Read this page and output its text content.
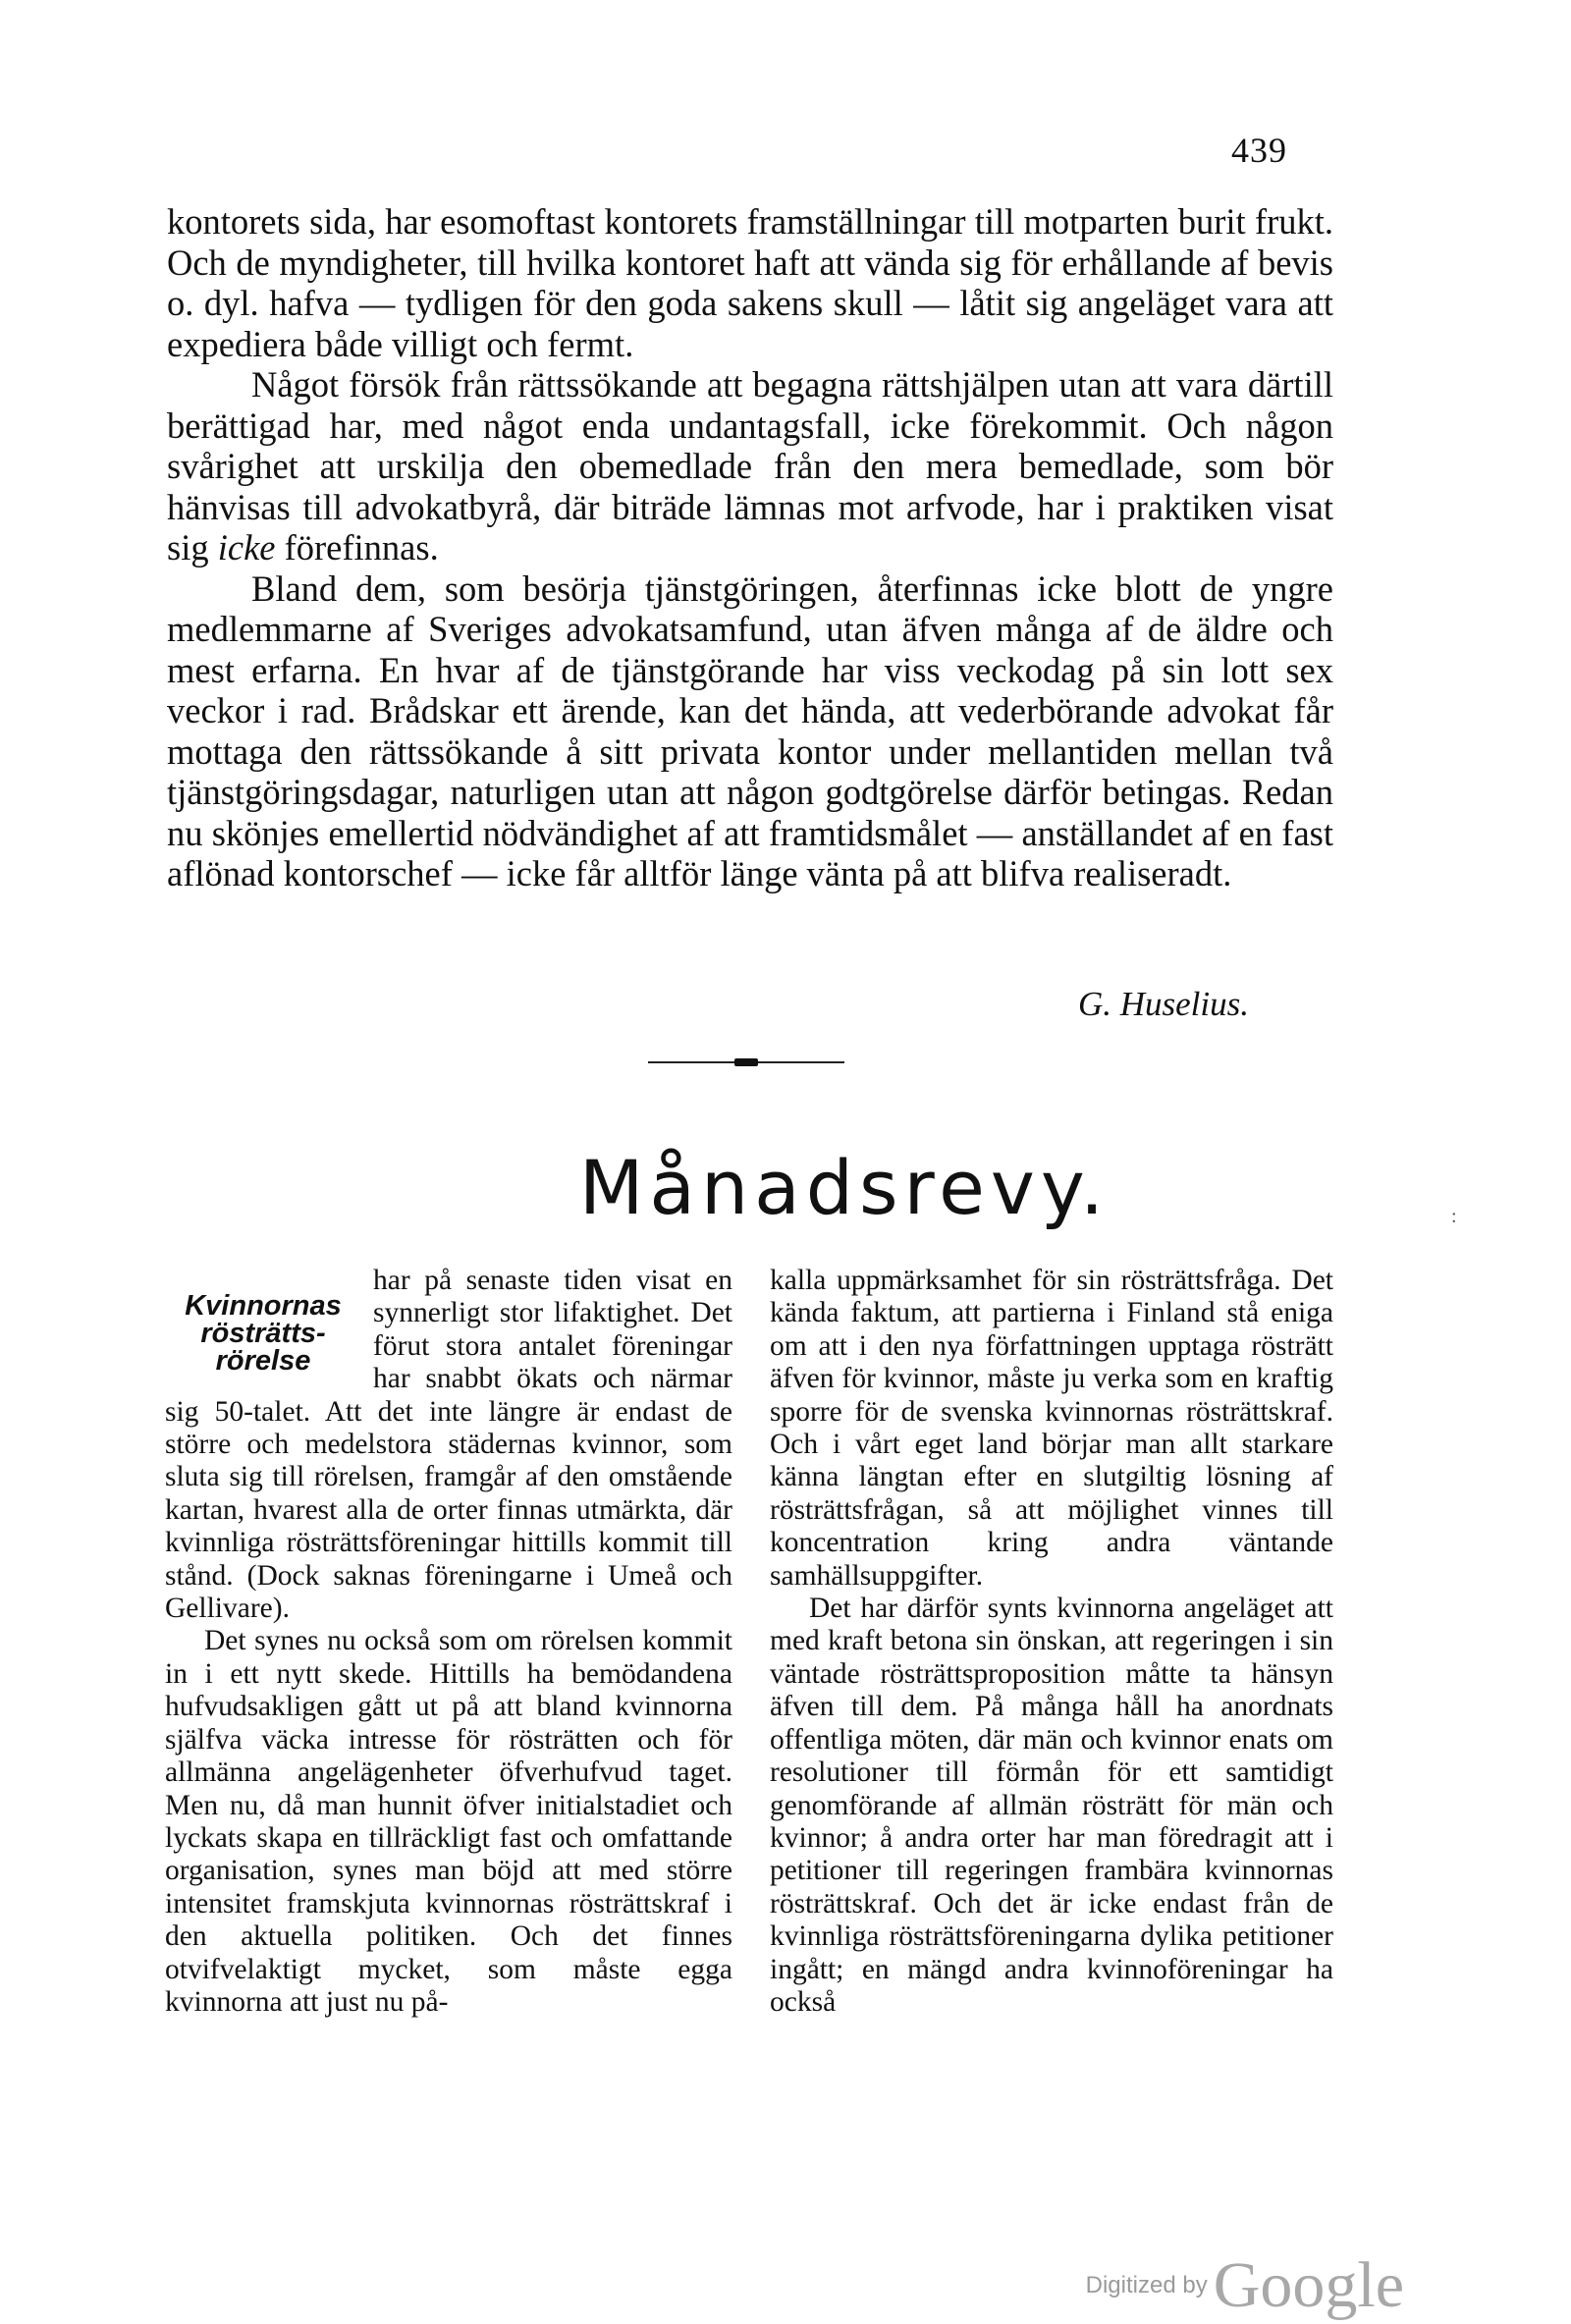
439

kontorets sida, har esomoftast kontorets framställningar till motparten burit frukt. Och de myndigheter, till hvilka kontoret haft att vända sig för erhållande af bevis o. dyl. hafva — tydligen för den goda sakens skull — låtit sig angeläget vara att expediera både villigt och fermt.

Något försök från rättssökande att begagna rättshjälpen utan att vara därtill berättigad har, med något enda undantagsfall, icke förekommit. Och någon svårighet att urskilja den obemedlade från den mera bemedlade, som bör hänvisas till advokatbyrå, där biträde lämnas mot arfvode, har i praktiken visat sig icke förefinnas.

Bland dem, som besörja tjänstgöringen, återfinnas icke blott de yngre medlemmarne af Sveriges advokatsamfund, utan äfven många af de äldre och mest erfarna. En hvar af de tjänstgörande har viss veckodag på sin lott sex veckor i rad. Brådskar ett ärende, kan det hända, att vederbörande advokat får mottaga den rättssökande å sitt privata kontor under mellantiden mellan två tjänstgöringsdagar, naturligen utan att någon godtgörelse därför betingas. Redan nu skönjes emellertid nödvändighet af att framtidsmålet — anställandet af en fast aflönad kontorschef — icke får alltför länge vänta på att blifva realiseradt.

G. Huselius.
Månadsrevy.	:
Kvinnornas rösträtts-rörelse

har på senaste tiden visat en synnerligt stor lifaktighet. Det förut stora antalet föreningar har snabbt ökats och närmar sig 50-talet. Att det inte längre är endast de större och medelstora städernas kvinnor, som sluta sig till rörelsen, framgår af den omstående kartan, hvarest alla de orter finnas utmärkta, där kvinnliga rösträttsföreningar hittills kommit till stånd. (Dock saknas föreningarne i Umeå och Gellivare).

Det synes nu också som om rörelsen kommit in i ett nytt skede. Hittills ha bemödandena hufvudsakligen gått ut på att bland kvinnorna själfva väcka intresse för rösträtten och för allmänna angelägenheter öfverhufvud taget. Men nu, då man hunnit öfver initialstadiet och lyckats skapa en tillräckligt fast och omfattande organisation, synes man böjd att med större intensitet framskjuta kvinnornas rösträttskraf i den aktuella politiken. Och det finnes otvifvelaktigt mycket, som måste egga kvinnorna att just nu på-

kalla uppmärksamhet för sin rösträttsfråga. Det kända faktum, att partierna i Finland stå eniga om att i den nya författningen upptaga rösträtt äfven för kvinnor, måste ju verka som en kraftig sporre för de svenska kvinnornas rösträttskraf. Och i vårt eget land börjar man allt starkare känna längtan efter en slutgiltig lösning af rösträttsfrågan, så att möjlighet vinnes till koncentration kring andra väntande samhällsuppgifter.

Det har därför synts kvinnorna angeläget att med kraft betona sin önskan, att regeringen i sin väntade rösträttsproposition måtte ta hänsyn äfven till dem. På många håll ha anordnats offentliga möten, där män och kvinnor enats om resolutioner till förmån för ett samtidigt genomförande af allmän rösträtt för män och kvinnor; å andra orter har man föredragit att i petitioner till regeringen frambära kvinnornas rösträttskraf. Och det är icke endast från de kvinnliga rösträttsföreningarna dylika petitioner ingått; en mängd andra kvinnoföreningar ha också

Digitized byGoogle
